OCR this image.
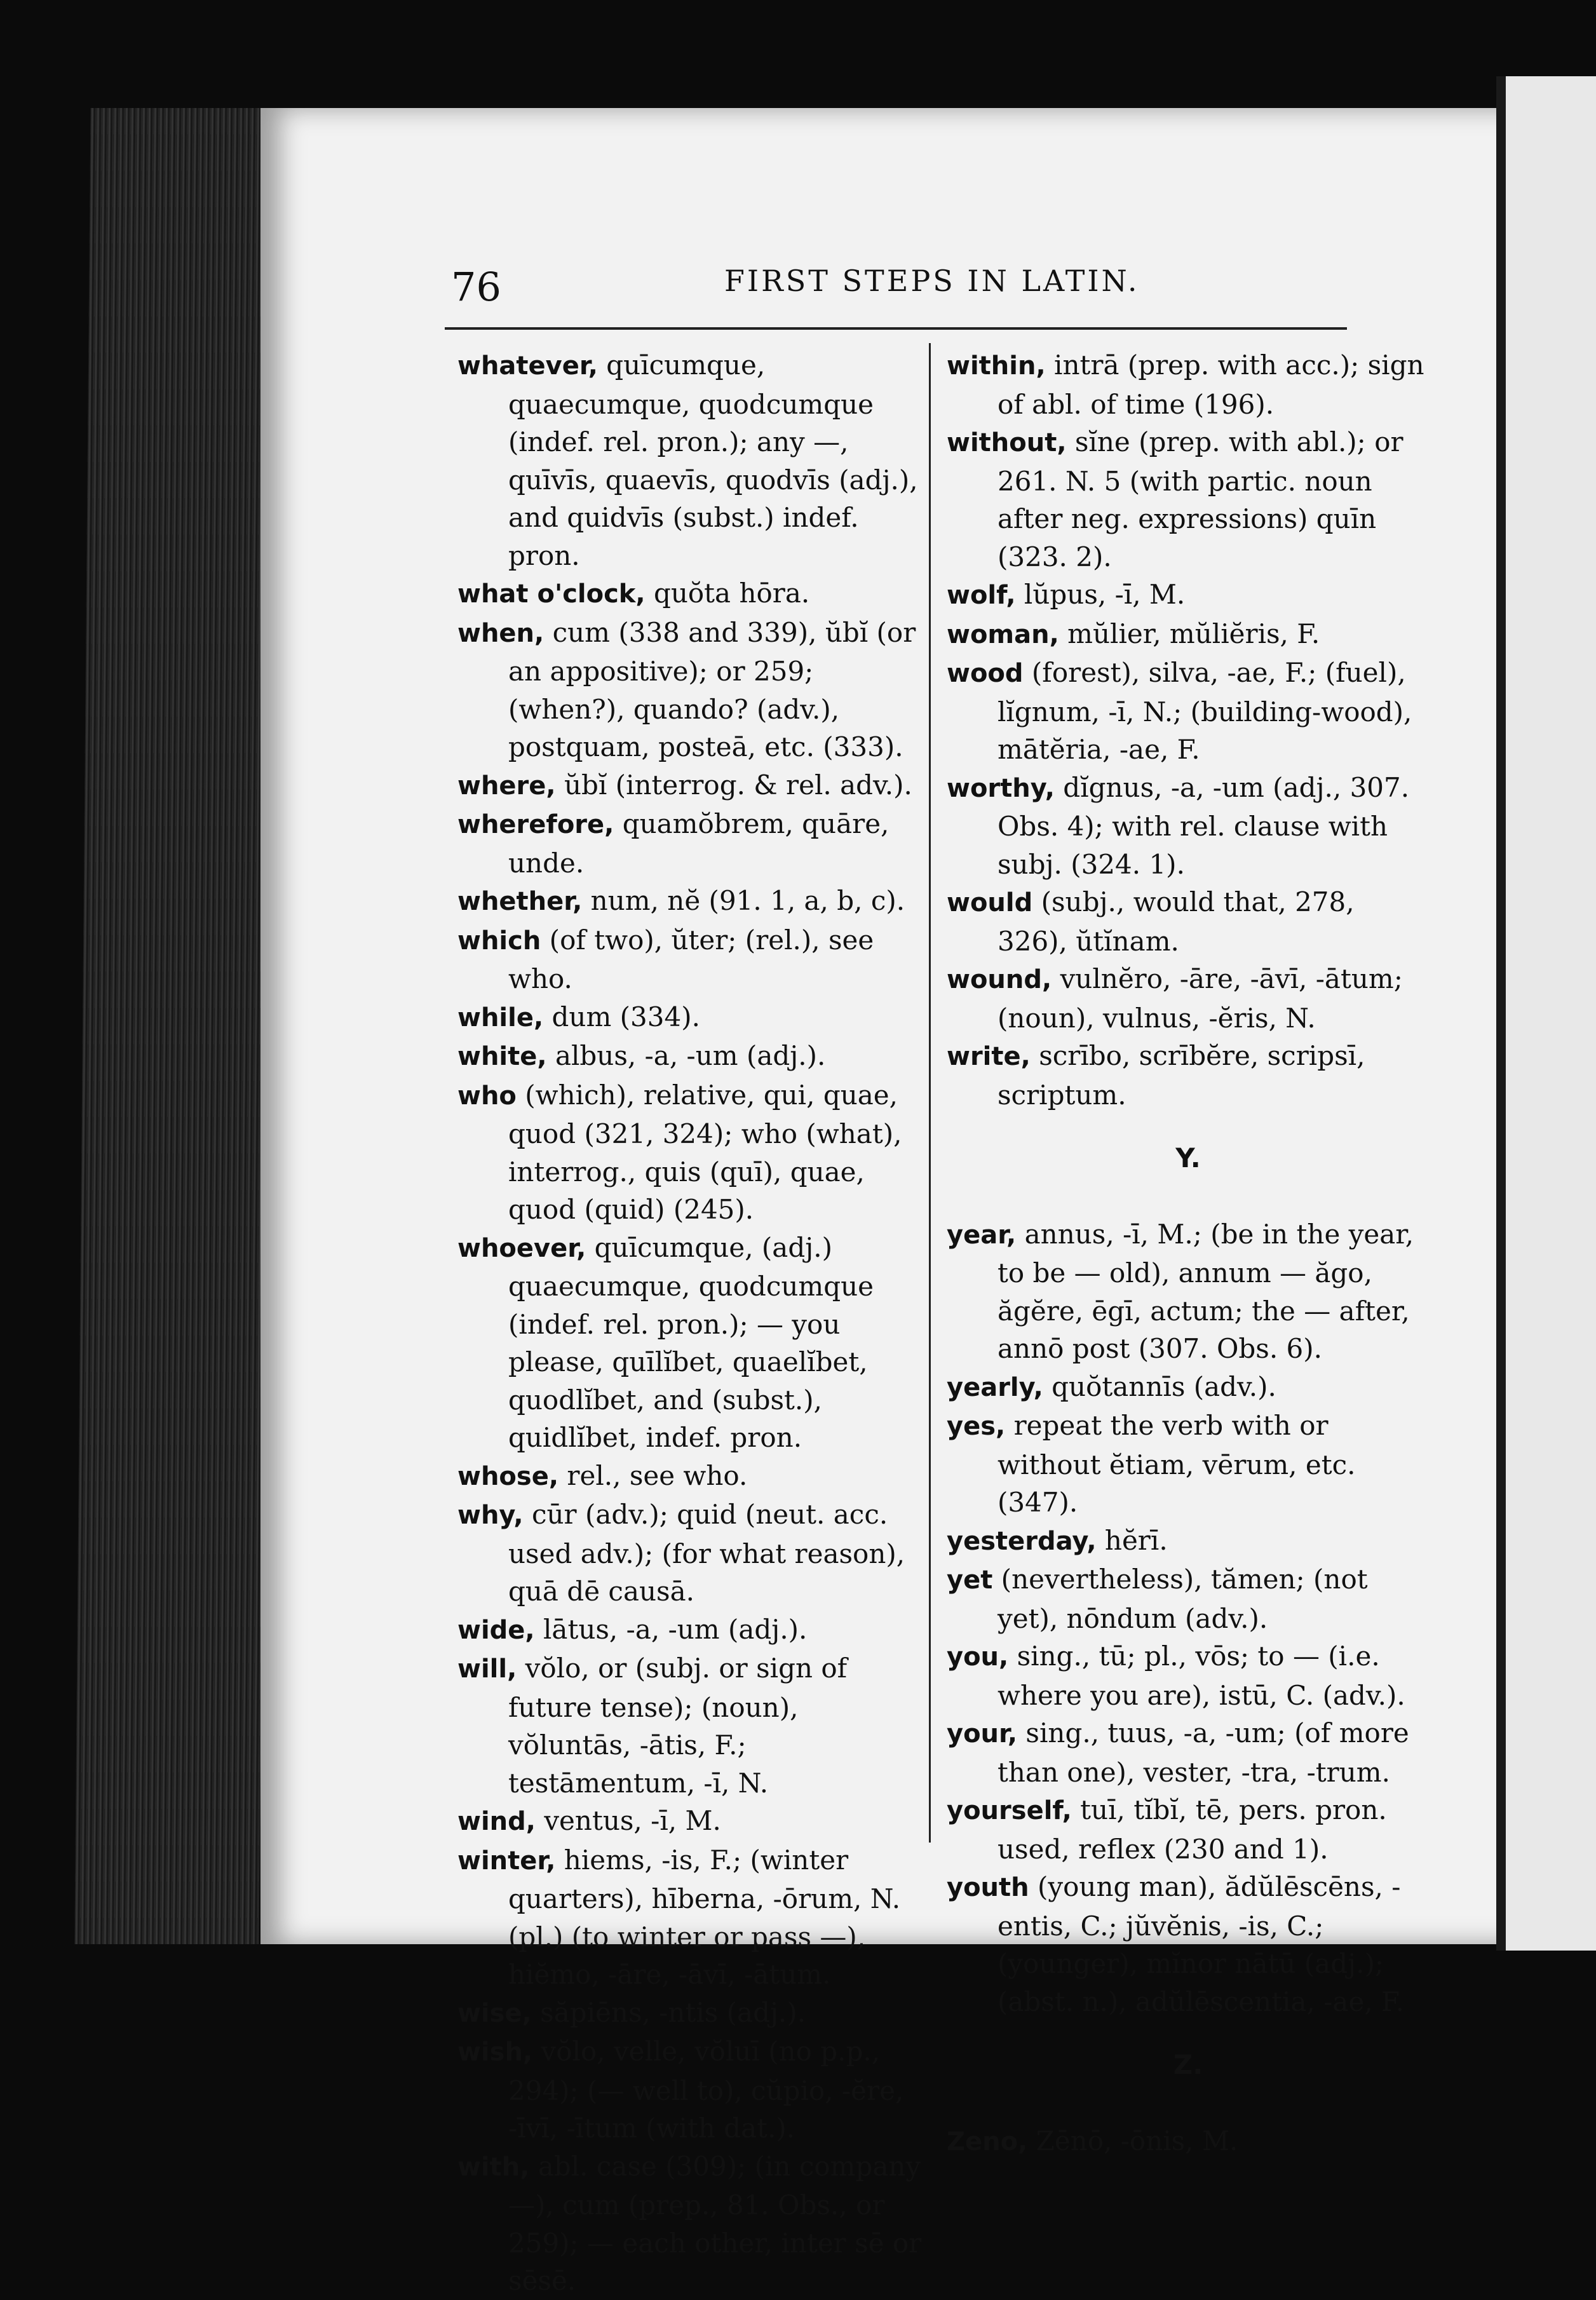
76	FIRST STEPS IN LATIN.

whatever, quīcumque, quaecumque, quodcumque (indef. rel. pron.); any —, quīvīs, quaevīs, quodvīs (adj.), and quidvīs (subst.) indef. pron.

what o'clock, quŏta hōra.

when, cum (338 and 339), ŭbĭ (or an appositive); or 259; (when?), quando? (adv.), postquam, posteā, etc. (333).

where, ŭbĭ (interrog. & rel. adv.).

wherefore, quamŏbrem, quāre, unde.

whether, num, nĕ (91. 1, a, b, c).

which (of two), ŭter; (rel.), see who.

while, dum (334).

white, albus, -a, -um (adj.).

who (which), relative, qui, quae, quod (321, 324); who (what), interrog., quis (quī), quae, quod (quid) (245).

whoever, quīcumque, (adj.) quaecumque, quodcumque (indef. rel. pron.); — you please, quīlĭbet, quaelĭbet, quodlĭbet, and (subst.), quidlĭbet, indef. pron.

whose, rel., see who.

why, cūr (adv.); quid (neut. acc. used adv.); (for what reason), quā dē causā.

wide, lātus, -a, -um (adj.).

will, vŏlo, or (subj. or sign of future tense); (noun), vŏluntās, -ātis, F.; testāmentum, -ī, N.

wind, ventus, -ī, M.

winter, hiems, -is, F.; (winter quarters), hīberna, -ōrum, N. (pl.) (to winter or pass —), hiĕmo, -āre, -āvī, -ātum.

wise, săpiēns, -ntis (adj.).

wish, vŏlo, velle, vŏluī (no p.p., 294); (— well to), cŭpio, -ĕre, -īvī, -ītum (with dat.).

with, abl. case (309); (in company —), cum (prep., 81. Obs., or 259); — each other, inter sē or sēsē.

within, intrā (prep. with acc.); sign of abl. of time (196).

without, sĭne (prep. with abl.); or 261. N. 5 (with partic. noun after neg. expressions) quīn (323. 2).

wolf, lŭpus, -ī, M.

woman, mŭlier, mŭliĕris, F.

wood (forest), silva, -ae, F.; (fuel), lĭgnum, -ī, N.; (building-wood), mātĕria, -ae, F.

worthy, dĭgnus, -a, -um (adj., 307. Obs. 4); with rel. clause with subj. (324. 1).

would (subj., would that, 278, 326), ŭtĭnam.

wound, vulnĕro, -āre, -āvī, -ātum; (noun), vulnus, -ĕris, N.

write, scrībo, scrībĕre, scripsī, scriptum.

Y.

year, annus, -ī, M.; (be in the year, to be — old), annum — ăgo, ăgĕre, ēgī, actum; the — after, annō post (307. Obs. 6).

yearly, quŏtannīs (adv.).

yes, repeat the verb with or without ĕtiam, vērum, etc. (347).

yesterday, hĕrī.

yet (nevertheless), tămen; (not yet), nōndum (adv.).

you, sing., tū; pl., vōs; to — (i.e. where you are), istū, C. (adv.).

your, sing., tuus, -a, -um; (of more than one), vester, -tra, -trum.

yourself, tuī, tĭbĭ, tē, pers. pron. used, reflex (230 and 1).

youth (young man), ădŭlēscēns, -entis, C.; jŭvĕnis, -is, C.; (younger), mĭnor nātū (adj.); (abst. n.), adŭlēscentia, -ae, F.

Z.

Zeno, Zēnō, -ōnis, M.
